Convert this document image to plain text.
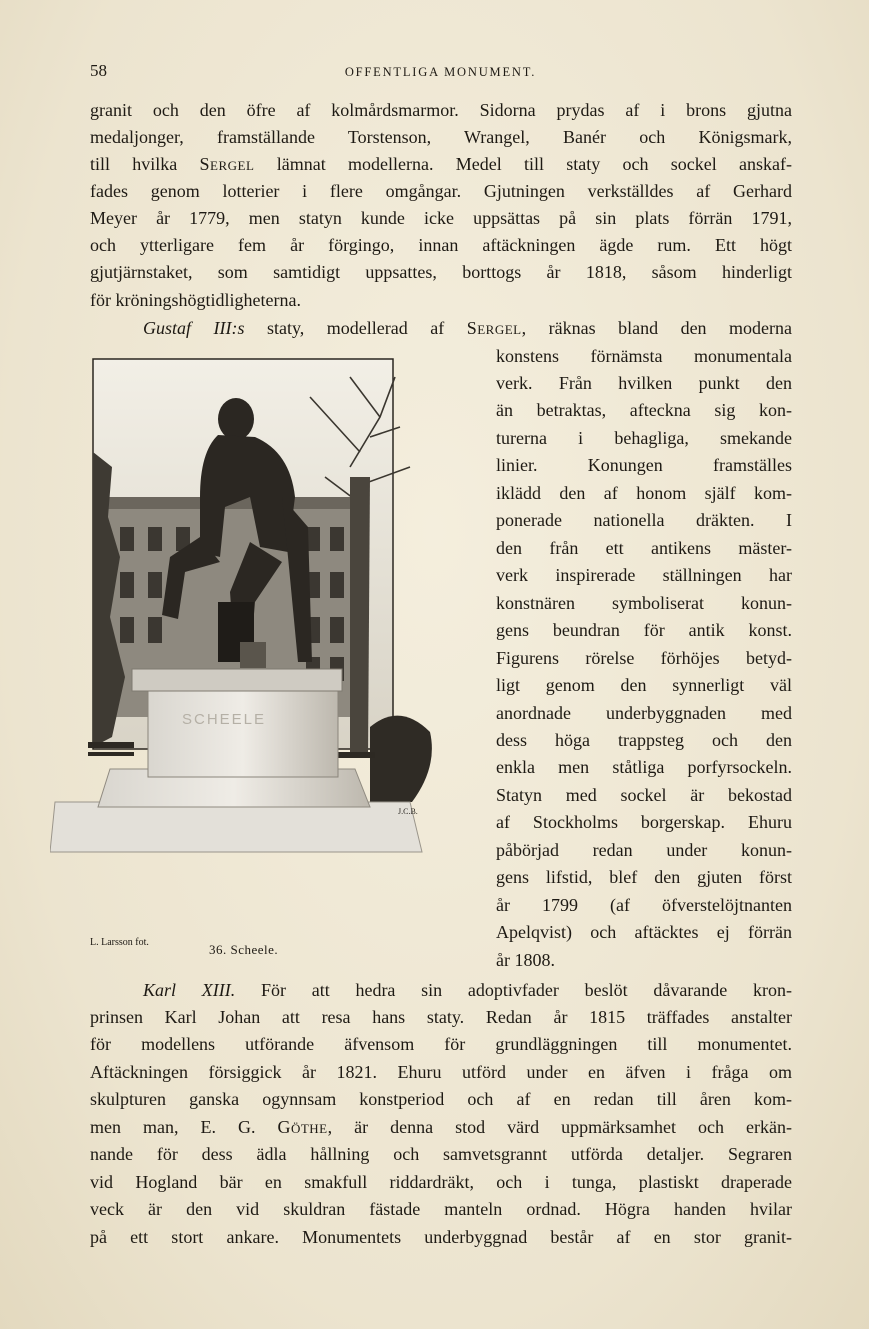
58	OFFENTLIGA MONUMENT.
granit och den öfre af kolmårdsmarmor. Sidorna prydas af i brons gjutna
medaljonger, framställande Torstenson, Wrangel, Banér och Königsmark,
till hvilka Sergel lämnat modellerna. Medel till staty och sockel anskaf-
fades genom lotterier i flere omgångar. Gjutningen verkställdes af Gerhard
Meyer år 1779, men statyn kunde icke uppsättas på sin plats förrän 1791,
och ytterligare fem år förgingo, innan aftäckningen ägde rum. Ett högt
gjutjärnstaket, som samtidigt uppsattes, borttogs år 1818, såsom hinderligt
för kröningshögtidligheterna.
Gustaf III:s staty, modellerad af Sergel, räknas bland den moderna
konstens förnämsta monumentala
verk. Från hvilken punkt den
än betraktas, afteckna sig kon-
turerna i behagliga, smekande
linier. Konungen framställes
iklädd den af honom själf kom-
ponerade nationella dräkten. I
den från ett antikens mäster-
verk inspirerade ställningen har
konstnären symboliserat konun-
gens beundran för antik konst.
Figurens rörelse förhöjes betyd-
ligt genom den synnerligt väl
anordnade underbyggnaden med
dess höga trappsteg och den
enkla men ståtliga porfyrsockeln.
Statyn med sockel är bekostad
af Stockholms borgerskap. Ehuru
påbörjad redan under konun-
gens lifstid, blef den gjuten först
år 1799 (af öfverstelöjtnanten
Apelqvist) och aftäcktes ej förrän
år 1808.
SCHEELE
J.C.B.
L. Larsson fot.	36. Scheele.
Karl XIII. För att hedra sin adoptivfader beslöt dåvarande kron-
prinsen Karl Johan att resa hans staty. Redan år 1815 träffades anstalter
för modellens utförande äfvensom för grundläggningen till monumentet.
Aftäckningen försiggick år 1821. Ehuru utförd under en äfven i fråga om
skulpturen ganska ogynnsam konstperiod och af en redan till åren kom-
men man, E. G. Göthe, är denna stod värd uppmärksamhet och erkän-
nande för dess ädla hållning och samvetsgrannt utförda detaljer. Segraren
vid Hogland bär en smakfull riddardräkt, och i tunga, plastiskt draperade
veck är den vid skuldran fästade manteln ordnad. Högra handen hvilar
på ett stort ankare. Monumentets underbyggnad består af en stor granit-
